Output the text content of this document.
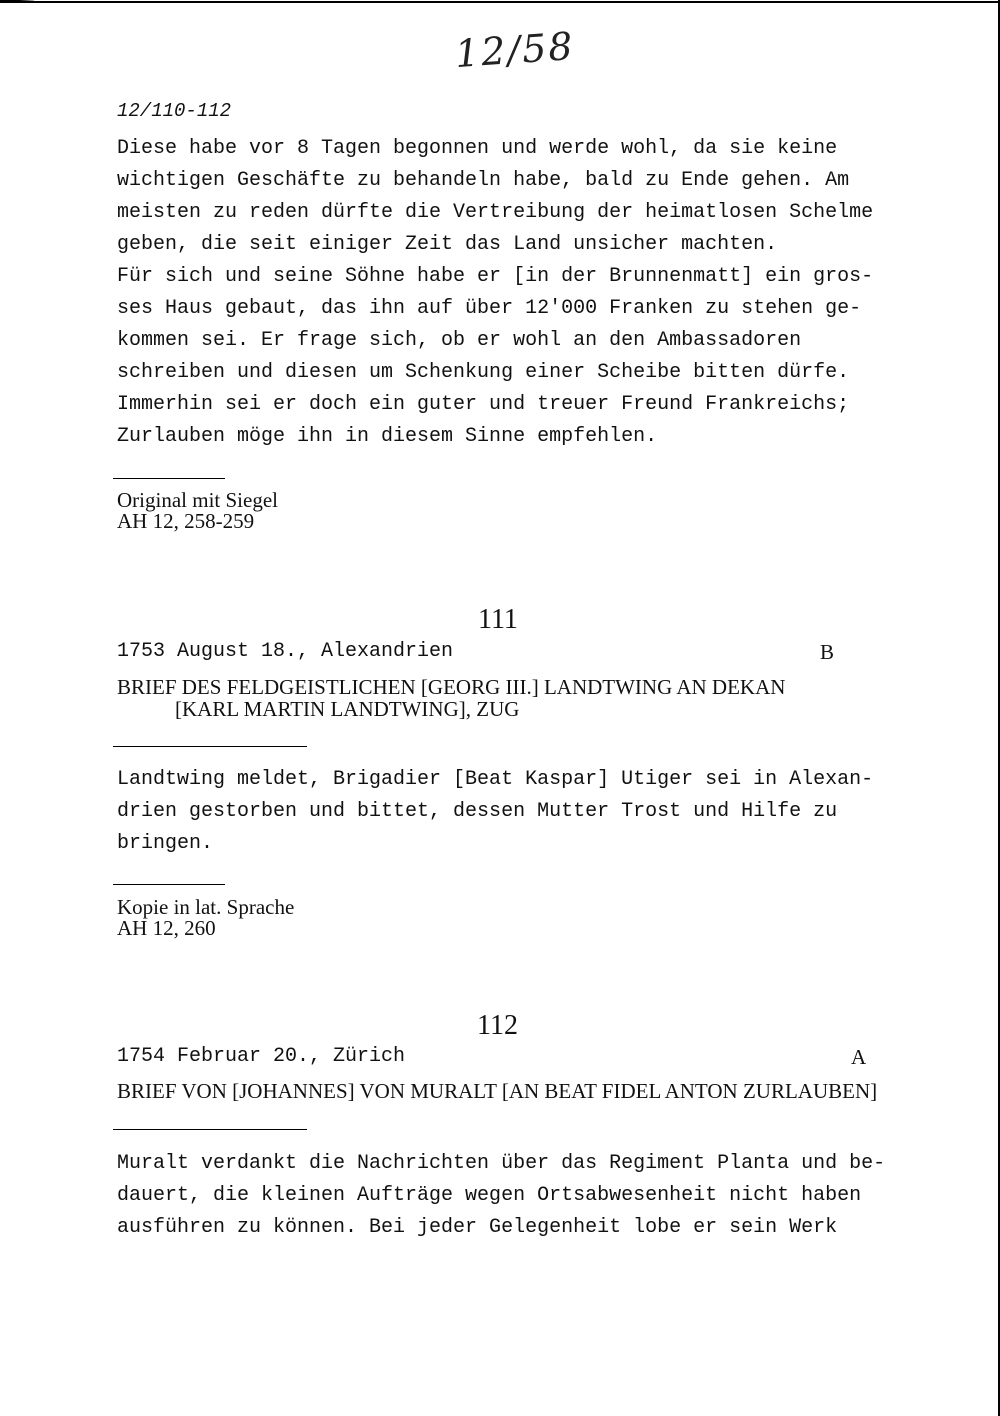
12/58
12/110-112
Diese habe vor 8 Tagen begonnen und werde wohl, da sie keine
wichtigen Geschäfte zu behandeln habe, bald zu Ende gehen. Am
meisten zu reden dürfte die Vertreibung der heimatlosen Schelme
geben, die seit einiger Zeit das Land unsicher machten.
Für sich und seine Söhne habe er [in der Brunnenmatt] ein gros-
ses Haus gebaut, das ihn auf über 12'000 Franken zu stehen ge-
kommen sei. Er frage sich, ob er wohl an den Ambassadoren
schreiben und diesen um Schenkung einer Scheibe bitten dürfe.
Immerhin sei er doch ein guter und treuer Freund Frankreichs;
Zurlauben möge ihn in diesem Sinne empfehlen.
Original mit Siegel
AH 12, 258-259
111
1753 August 18., Alexandrien	B
BRIEF DES FELDGEISTLICHEN [GEORG III.] LANDTWING AN DEKAN
[KARL MARTIN LANDTWING], ZUG
Landtwing meldet, Brigadier [Beat Kaspar] Utiger sei in Alexan-
drien gestorben und bittet, dessen Mutter Trost und Hilfe zu
bringen.
Kopie in lat. Sprache
AH 12, 260
112
1754 Februar 20., Zürich	A
BRIEF VON [JOHANNES] VON MURALT [AN BEAT FIDEL ANTON ZURLAUBEN]
Muralt verdankt die Nachrichten über das Regiment Planta und be-
dauert, die kleinen Aufträge wegen Ortsabwesenheit nicht haben
ausführen zu können. Bei jeder Gelegenheit lobe er sein Werk
